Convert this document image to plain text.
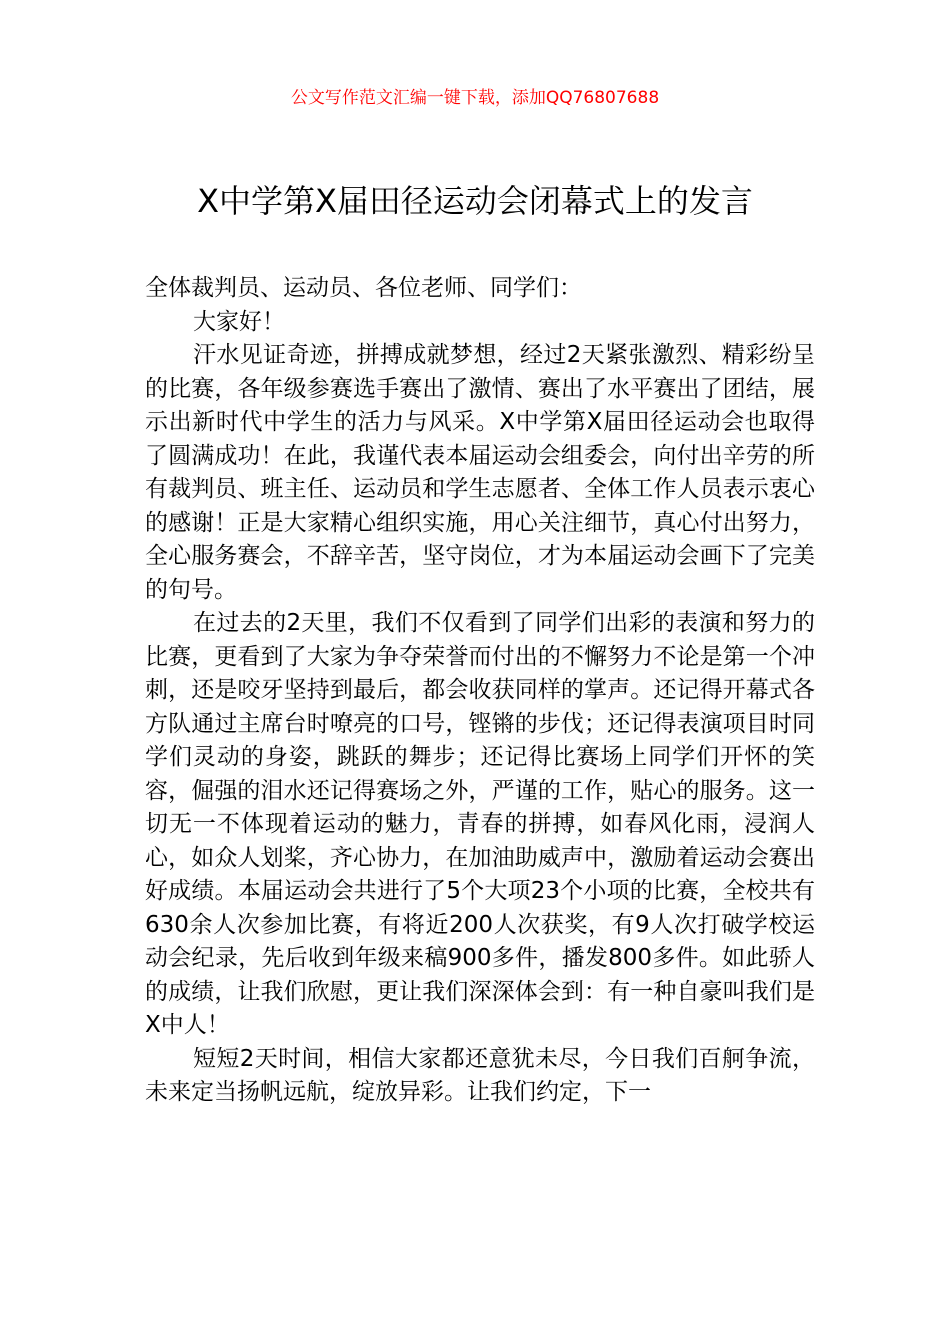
公文写作范文汇编一键下载，添加QQ76807688
X中学第X届田径运动会闭幕式上的发言

全体裁判员、运动员、各位老师、同学们：

大家好！

汗水见证奇迹，拼搏成就梦想，经过2天紧张激烈、精彩纷呈的比赛，各年级参赛选手赛出了激情、赛出了水平赛出了团结，展示出新时代中学生的活力与风采。X中学第X届田径运动会也取得了圆满成功！在此，我谨代表本届运动会组委会，向付出辛劳的所有裁判员、班主任、运动员和学生志愿者、全体工作人员表示衷心的感谢！正是大家精心组织实施，用心关注细节，真心付出努力，全心服务赛会，不辞辛苦，坚守岗位，才为本届运动会画下了完美的句号。

在过去的2天里，我们不仅看到了同学们出彩的表演和努力的比赛，更看到了大家为争夺荣誉而付出的不懈努力不论是第一个冲刺，还是咬牙坚持到最后，都会收获同样的掌声。还记得开幕式各方队通过主席台时嘹亮的口号，铿锵的步伐；还记得表演项目时同学们灵动的身姿，跳跃的舞步；还记得比赛场上同学们开怀的笑容，倔强的泪水还记得赛场之外，严谨的工作，贴心的服务。这一切无一不体现着运动的魅力，青春的拼搏，如春风化雨，浸润人心，如众人划桨，齐心协力，在加油助威声中，激励着运动会赛出好成绩。本届运动会共进行了5个大项23个小项的比赛，全校共有630余人次参加比赛，有将近200人次获奖，有9人次打破学校运动会纪录，先后收到年级来稿900多件，播发800多件。如此骄人的成绩，让我们欣慰，更让我们深深体会到：有一种自豪叫我们是X中人！

短短2天时间，相信大家都还意犹未尽，今日我们百舸争流，未来定当扬帆远航，绽放异彩。让我们约定，下一
